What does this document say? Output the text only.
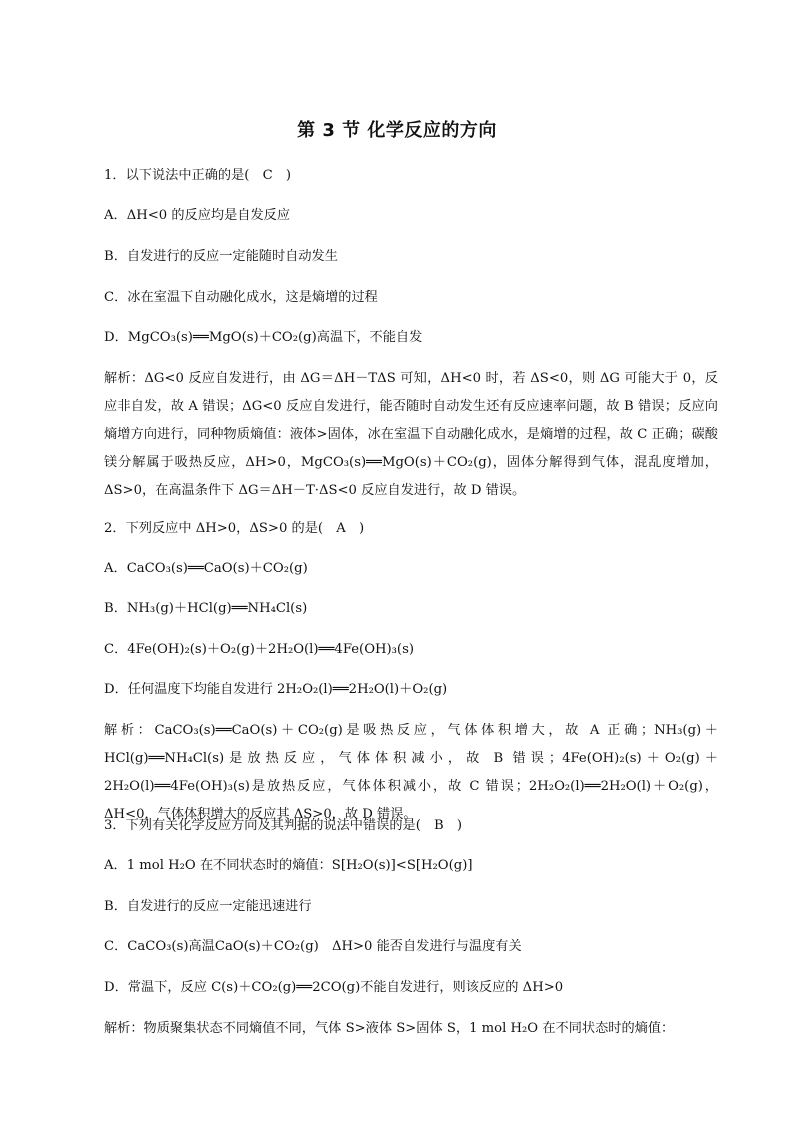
第 3 节 化学反应的方向
1．以下说法中正确的是(　C　)
A．ΔH<0 的反应均是自发反应
B．自发进行的反应一定能随时自动发生
C．冰在室温下自动融化成水，这是熵增的过程
D．MgCO₃(s)══MgO(s)＋CO₂(g)高温下，不能自发
解析：ΔG<0 反应自发进行，由 ΔG＝ΔH－TΔS 可知，ΔH<0 时，若 ΔS<0，则 ΔG 可能大于 0，反应非自发，故 A 错误；ΔG<0 反应自发进行，能否随时自动发生还有反应速率问题，故 B 错误；反应向熵增方向进行，同种物质熵值：液体>固体，冰在室温下自动融化成水，是熵增的过程，故 C 正确；碳酸镁分解属于吸热反应，ΔH>0，MgCO₃(s)══MgO(s)＋CO₂(g)，固体分解得到气体，混乱度增加，ΔS>0，在高温条件下 ΔG＝ΔH－T·ΔS<0 反应自发进行，故 D 错误。
2．下列反应中 ΔH>0，ΔS>0 的是(　A　)
A．CaCO₃(s)══CaO(s)＋CO₂(g)
B．NH₃(g)＋HCl(g)══NH₄Cl(s)
C．4Fe(OH)₂(s)＋O₂(g)＋2H₂O(l)══4Fe(OH)₃(s)
D．任何温度下均能自发进行 2H₂O₂(l)══2H₂O(l)＋O₂(g)
解析：CaCO₃(s)══CaO(s)＋CO₂(g)是吸热反应，气体体积增大，故 A 正确；NH₃(g)＋HCl(g)══NH₄Cl(s)是放热反应，气体体积减小，故 B 错误；4Fe(OH)₂(s)＋O₂(g)＋2H₂O(l)══4Fe(OH)₃(s)是放热反应，气体体积减小，故 C 错误；2H₂O₂(l)══2H₂O(l)＋O₂(g)，ΔH<0，气体体积增大的反应其 ΔS>0，故 D 错误。
3．下列有关化学反应方向及其判据的说法中错误的是(　B　)
A．1 mol H₂O 在不同状态时的熵值：S[H₂O(s)]<S[H₂O(g)]
B．自发进行的反应一定能迅速进行
C．CaCO₃(s)高温CaO(s)＋CO₂(g)　ΔH>0 能否自发进行与温度有关
D．常温下，反应 C(s)＋CO₂(g)══2CO(g)不能自发进行，则该反应的 ΔH>0
解析：物质聚集状态不同熵值不同，气体 S>液体 S>固体 S，1 mol H₂O 在不同状态时的熵值：
